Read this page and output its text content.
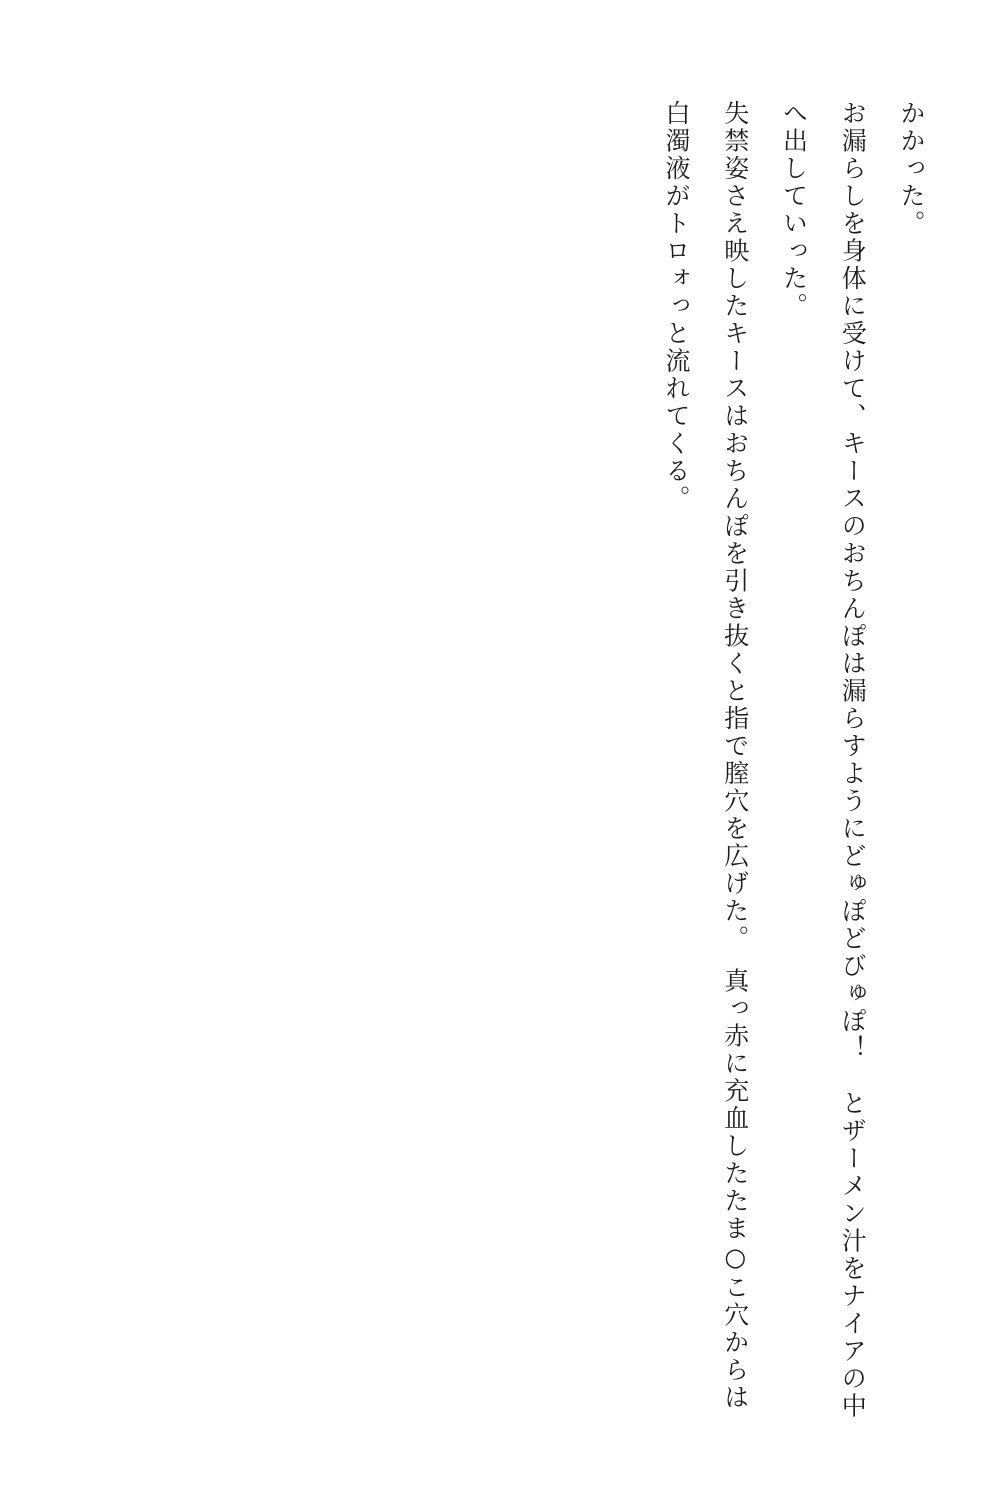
かかった。

お漏らしを身体に受けて、キースのおちんぽは漏らすようにどゅぽどびゅぽ！　とザーメン汁をナイアの中へ出していった。

失禁姿さえ映したキースはおちんぽを引き抜くと指で膣穴を広げた。　真っ赤に充血したたま○こ穴からは白濁液がトロォっと流れてくる。
